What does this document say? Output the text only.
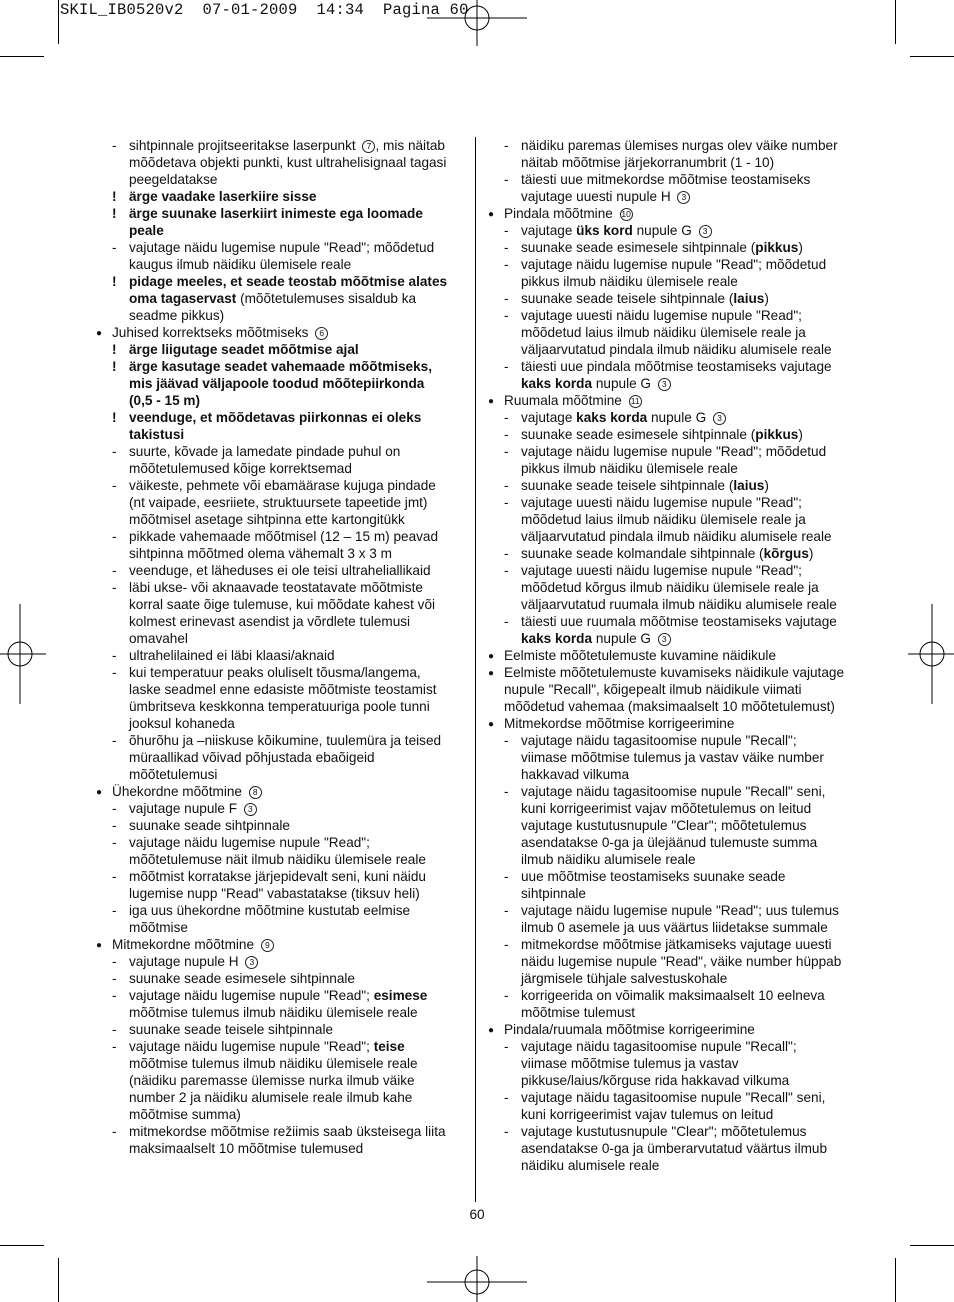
SKIL_IB0520v2  07-01-2009  14:34  Pagina 60
- sihtpinnale projitseeritakse laserpunkt 7 , mis näitab
mõõdetava objekti punkti, kust ultrahelisignaal tagasi
peegeldatakse
! ärge vaadake laserkiire sisse
! ärge suunake laserkiirt inimeste ega loomade
peale
- vajutage näidu lugemise nupule "Read"; mõõdetud
kaugus ilmub näidiku ülemisele reale
! pidage meeles, et seade teostab mõõtmise alates
oma tagaservast (mõõtetulemuses sisaldub ka
seadme pikkus)
● Juhised korrektseks mõõtmiseks 6
! ärge liigutage seadet mõõtmise ajal
! ärge kasutage seadet vahemaade mõõtmiseks,
mis jäävad väljapoole toodud mõõtepiirkonda
(0,5 - 15 m)
! veenduge, et mõõdetavas piirkonnas ei oleks
takistusi
- suurte, kõvade ja lamedate pindade puhul on
mõõtetulemused kõige korrektsemad
- väikeste, pehmete või ebamäärase kujuga pindade
(nt vaipade, eesriiete, struktuursete tapeetide jmt)
mõõtmisel asetage sihtpinna ette kartongitükk
- pikkade vahemaade mõõtmisel (12 – 15 m) peavad
sihtpinna mõõtmed olema vähemalt 3 x 3 m
- veenduge, et läheduses ei ole teisi ultraheliallikaid
- läbi ukse- või aknaavade teostatavate mõõtmiste
korral saate õige tulemuse, kui mõõdate kahest või
kolmest erinevast asendist ja võrdlete tulemusi
omavahel
- ultrahelilained ei läbi klaasi/aknaid
- kui temperatuur peaks oluliselt tõusma/langema,
laske seadmel enne edasiste mõõtmiste teostamist
ümbritseva keskkonna temperatuuriga poole tunni
jooksul kohaneda
- õhurõhu ja –niiskuse kõikumine, tuulemüra ja teised
müraallikad võivad põhjustada ebaõigeid
mõõtetulemusi
● Ühekordne mõõtmine 8
- vajutage nupule F 3
- suunake seade sihtpinnale
- vajutage näidu lugemise nupule "Read";
mõõtetulemuse näit ilmub näidiku ülemisele reale
- mõõtmist korratakse järjepidevalt seni, kuni näidu
lugemise nupp "Read" vabastatakse (tiksuv heli)
- iga uus ühekordne mõõtmine kustutab eelmise
mõõtmise
● Mitmekordne mõõtmine 9
- vajutage nupule H 3
- suunake seade esimesele sihtpinnale
- vajutage näidu lugemise nupule "Read"; esimese
mõõtmise tulemus ilmub näidiku ülemisele reale
- suunake seade teisele sihtpinnale
- vajutage näidu lugemise nupule "Read"; teise
mõõtmise tulemus ilmub näidiku ülemisele reale
(näidiku paremasse ülemisse nurka ilmub väike
number 2 ja näidiku alumisele reale ilmub kahe
mõõtmise summa)
- mitmekordse mõõtmise režiimis saab üksteisega liita
maksimaalselt 10 mõõtmise tulemused
- näidiku paremas ülemises nurgas olev väike number
näitab mõõtmise järjekorranumbrit (1 - 10)
- täiesti uue mitmekordse mõõtmise teostamiseks
vajutage uuesti nupule H 3
● Pindala mõõtmine 10
- vajutage üks kord nupule G 3
- suunake seade esimesele sihtpinnale (pikkus)
- vajutage näidu lugemise nupule "Read"; mõõdetud
pikkus ilmub näidiku ülemisele reale
- suunake seade teisele sihtpinnale (laius)
- vajutage uuesti näidu lugemise nupule "Read";
mõõdetud laius ilmub näidiku ülemisele reale ja
väljaarvutatud pindala ilmub näidiku alumisele reale
- täiesti uue pindala mõõtmise teostamiseks vajutage
kaks korda nupule G 3
● Ruumala mõõtmine 11
- vajutage kaks korda nupule G 3
- suunake seade esimesele sihtpinnale (pikkus)
- vajutage näidu lugemise nupule "Read"; mõõdetud
pikkus ilmub näidiku ülemisele reale
- suunake seade teisele sihtpinnale (laius)
- vajutage uuesti näidu lugemise nupule "Read";
mõõdetud laius ilmub näidiku ülemisele reale ja
väljaarvutatud pindala ilmub näidiku alumisele reale
- suunake seade kolmandale sihtpinnale (kõrgus)
- vajutage uuesti näidu lugemise nupule "Read";
mõõdetud kõrgus ilmub näidiku ülemisele reale ja
väljaarvutatud ruumala ilmub näidiku alumisele reale
- täiesti uue ruumala mõõtmise teostamiseks vajutage
kaks korda nupule G 3
● Eelmiste mõõtetulemuste kuvamine näidikule
● Eelmiste mõõtetulemuste kuvamiseks näidikule vajutage
nupule "Recall", kõigepealt ilmub näidikule viimati
mõõdetud vahemaa (maksimaalselt 10 mõõtetulemust)
● Mitmekordse mõõtmise korrigeerimine
- vajutage näidu tagasitoomise nupule "Recall";
viimase mõõtmise tulemus ja vastav väike number
hakkavad vilkuma
- vajutage näidu tagasitoomise nupule "Recall" seni,
kuni korrigeerimist vajav mõõtetulemus on leitud
vajutage kustutusnupule "Clear"; mõõtetulemus
asendatakse 0-ga ja ülejäänud tulemuste summa
ilmub näidiku alumisele reale
- uue mõõtmise teostamiseks suunake seade
sihtpinnale
- vajutage näidu lugemise nupule "Read"; uus tulemus
ilmub 0 asemele ja uus väärtus liidetakse summale
- mitmekordse mõõtmise jätkamiseks vajutage uuesti
näidu lugemise nupule "Read", väike number hüppab
järgmisele tühjale salvestuskohale
- korrigeerida on võimalik maksimaalselt 10 eelneva
mõõtmise tulemust
● Pindala/ruumala mõõtmise korrigeerimine
- vajutage näidu tagasitoomise nupule "Recall";
viimase mõõtmise tulemus ja vastav
pikkuse/laius/kõrguse rida hakkavad vilkuma
- vajutage näidu tagasitoomise nupule "Recall" seni,
kuni korrigeerimist vajav tulemus on leitud
- vajutage kustutusnupule "Clear"; mõõtetulemus
asendatakse 0-ga ja ümberarvutatud väärtus ilmub
näidiku alumisele reale
60
